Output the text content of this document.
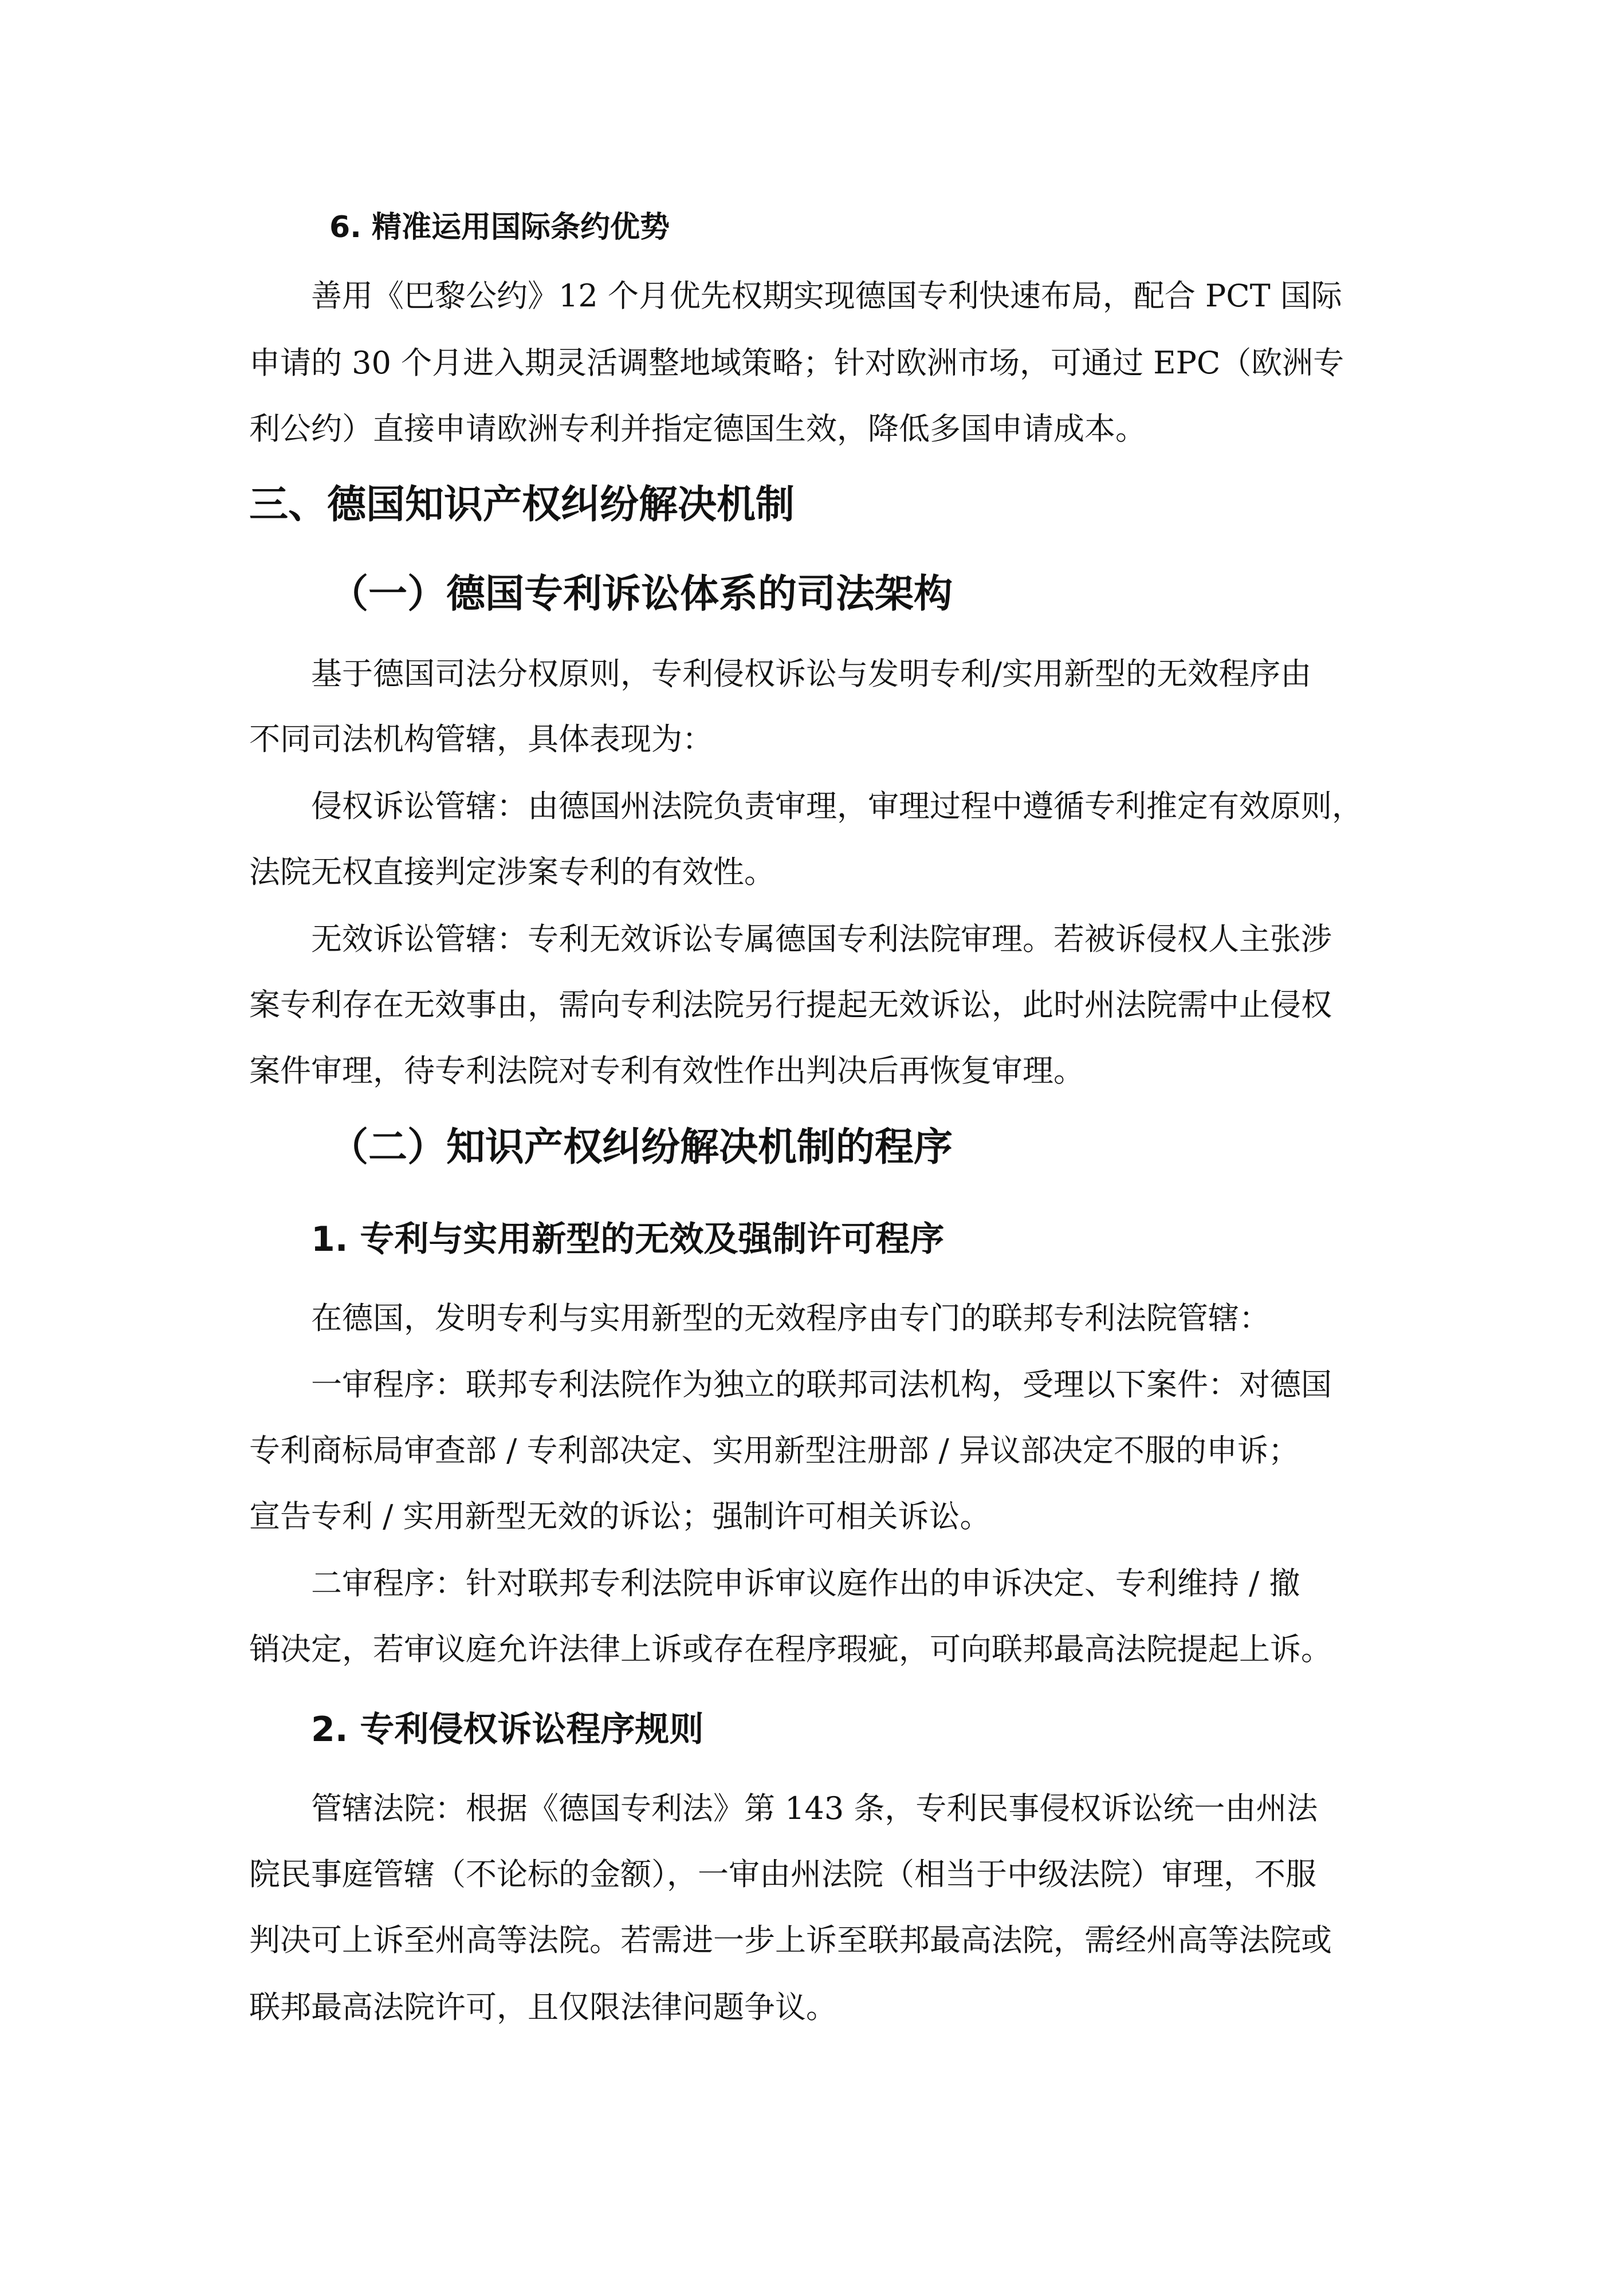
6. 精准运用国际条约优势

善用《巴黎公约》12 个月优先权期实现德国专利快速布局，配合 PCT 国际

申请的 30 个月进入期灵活调整地域策略；针对欧洲市场，可通过 EPC（欧洲专

利公约）直接申请欧洲专利并指定德国生效，降低多国申请成本。

三、德国知识产权纠纷解决机制
（一）德国专利诉讼体系的司法架构

基于德国司法分权原则，专利侵权诉讼与发明专利/实用新型的无效程序由

不同司法机构管辖，具体表现为：

侵权诉讼管辖：由德国州法院负责审理，审理过程中遵循专利推定有效原则，

法院无权直接判定涉案专利的有效性。

无效诉讼管辖：专利无效诉讼专属德国专利法院审理。若被诉侵权人主张涉

案专利存在无效事由，需向专利法院另行提起无效诉讼，此时州法院需中止侵权

案件审理，待专利法院对专利有效性作出判决后再恢复审理。

（二）知识产权纠纷解决机制的程序
1. 专利与实用新型的无效及强制许可程序

在德国，发明专利与实用新型的无效程序由专门的联邦专利法院管辖：

一审程序：联邦专利法院作为独立的联邦司法机构，受理以下案件：对德国

专利商标局审查部 / 专利部决定、实用新型注册部 / 异议部决定不服的申诉；

宣告专利 / 实用新型无效的诉讼；强制许可相关诉讼。

二审程序：针对联邦专利法院申诉审议庭作出的申诉决定、专利维持 / 撤

销决定，若审议庭允许法律上诉或存在程序瑕疵，可向联邦最高法院提起上诉。

2. 专利侵权诉讼程序规则

管辖法院：根据《德国专利法》第 143 条，专利民事侵权诉讼统一由州法

院民事庭管辖（不论标的金额），一审由州法院（相当于中级法院）审理，不服

判决可上诉至州高等法院。若需进一步上诉至联邦最高法院，需经州高等法院或

联邦最高法院许可，且仅限法律问题争议。
